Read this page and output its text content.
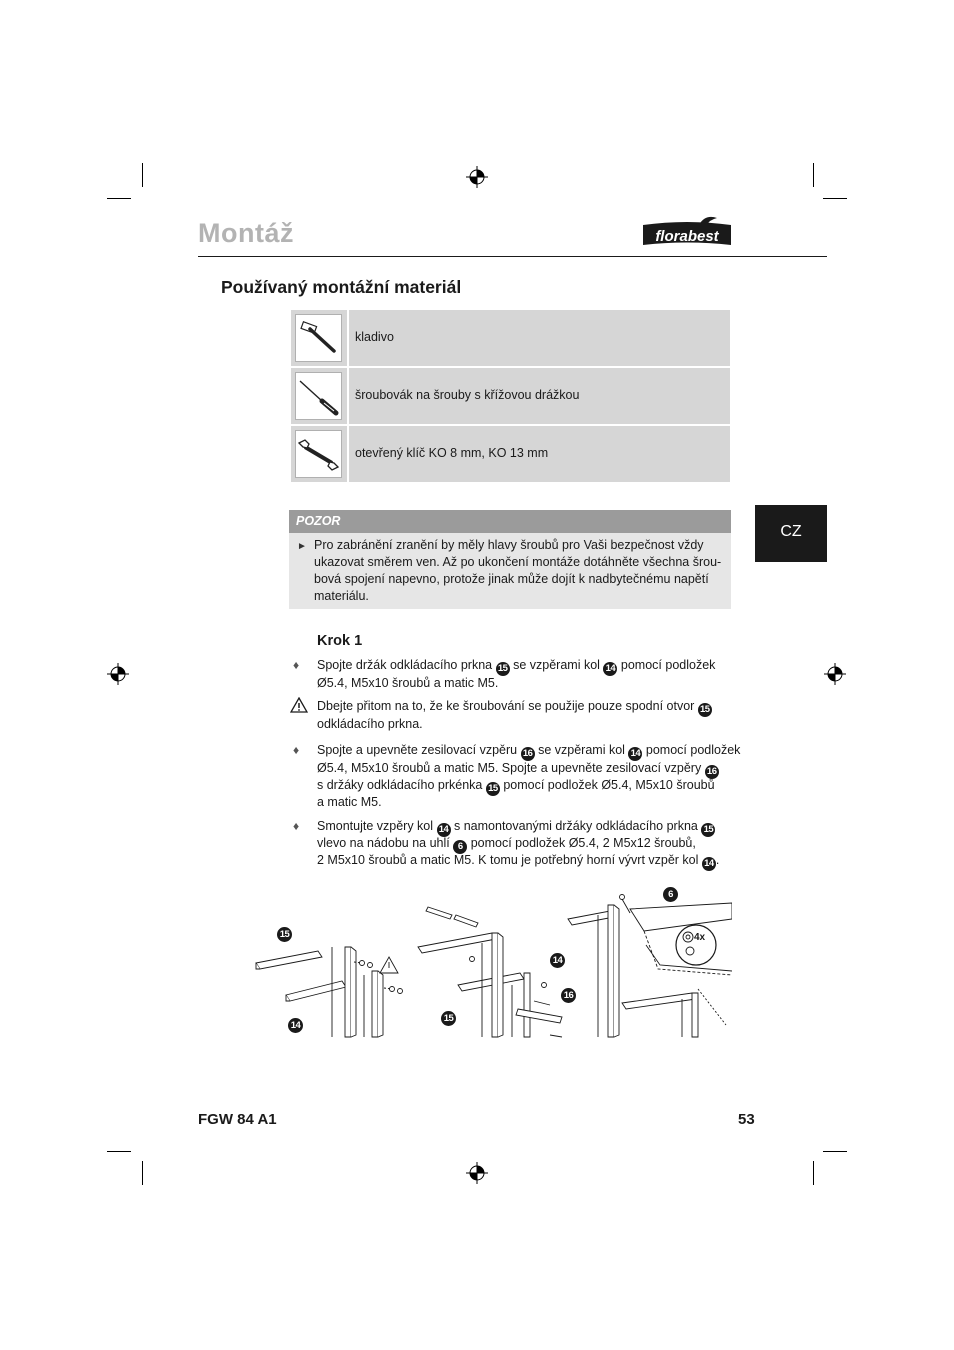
Montáž	florabest
Používaný montážní materiál
kladivo
šroubovák na šrouby s křížovou drážkou
otevřený klíč KO 8 mm, KO 13 mm
POZOR
► Pro zabránění zranění by měly hlavy šroubů pro Vaši bezpečnost vždy
ukazovat směrem ven. Až po ukončení montáže dotáhněte všechna šrou-
bová spojení napevno, protože jinak může dojít k nadbytečnému napětí
materiálu.
CZ
Krok 1
♦ Spojte držák odkládacího prkna 15 se vzpěrami kol 14 pomocí podložek
Ø5.4, M5x10 šroubů a matic M5.
Dbejte přitom na to, že ke šroubování se použije pouze spodní otvor 15
odkládacího prkna.
♦ Spojte a upevněte zesilovací vzpěru 16 se vzpěrami kol 14 pomocí podložek
Ø5.4, M5x10 šroubů a matic M5. Spojte a upevněte zesilovací vzpěry 16
s držáky odkládacího prkénka 15 pomocí podložek Ø5.4, M5x10 šroubů
a matic M5.
♦ Smontujte vzpěry kol 14 s namontovanými držáky odkládacího prkna 15
vlevo na nádobu na uhlí 6 pomocí podložek Ø5.4, 2 M5x12 šroubů,
2 M5x10 šroubů a matic M5. K tomu je potřebný horní vývrt vzpěr kol 14 .
15
14
14
16
15
6
4x
FGW 84 A1	53
